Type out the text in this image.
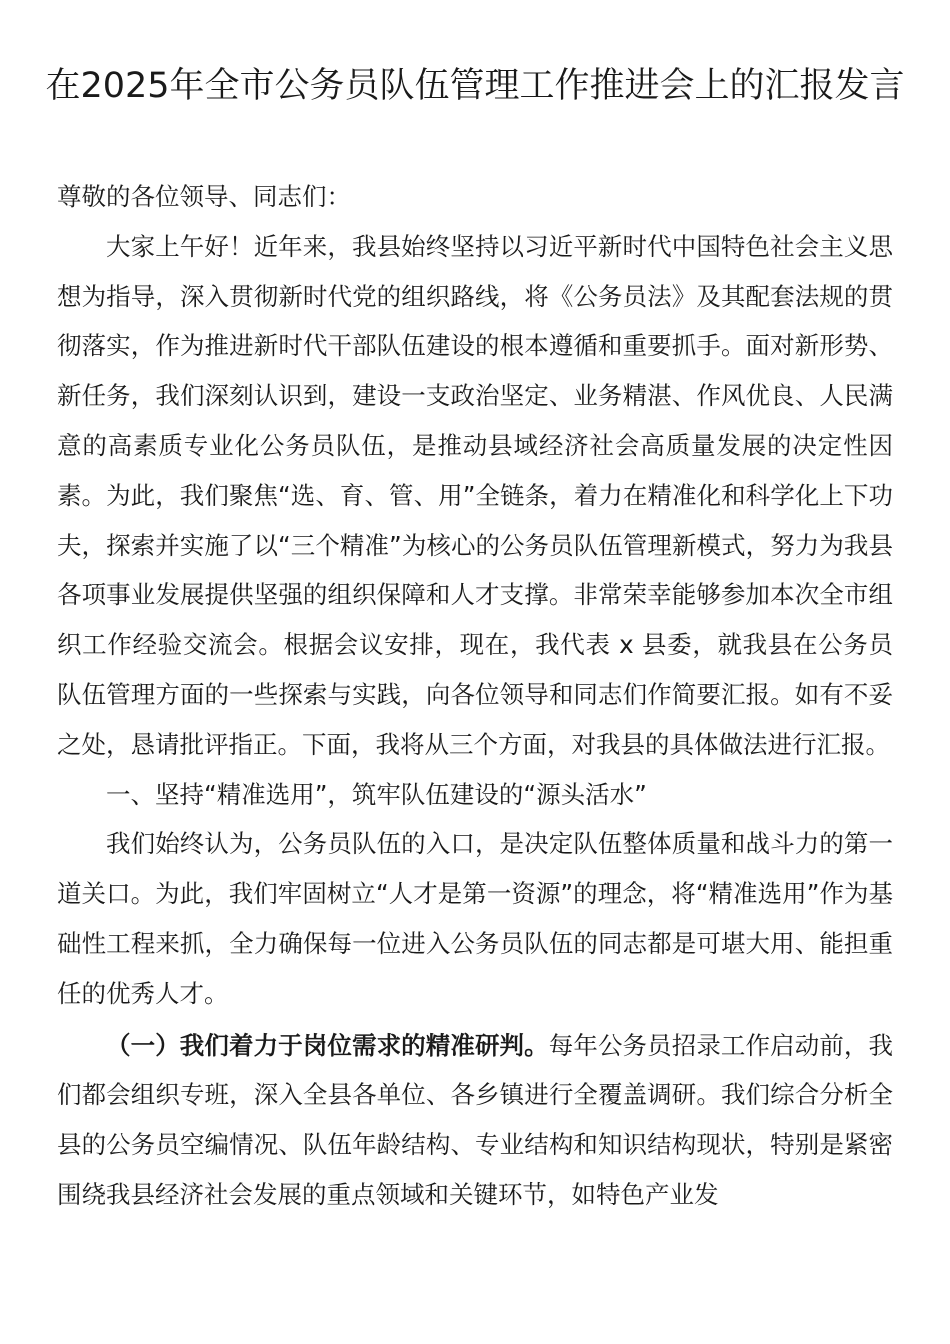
在2025年全市公务员队伍管理工作推进会上的汇报发言

尊敬的各位领导、同志们：

大家上午好！近年来，我县始终坚持以习近平新时代中国特色社会主义思想为指导，深入贯彻新时代党的组织路线，将《公务员法》及其配套法规的贯彻落实，作为推进新时代干部队伍建设的根本遵循和重要抓手。面对新形势、新任务，我们深刻认识到，建设一支政治坚定、业务精湛、作风优良、人民满意的高素质专业化公务员队伍，是推动县域经济社会高质量发展的决定性因素。为此，我们聚焦“选、育、管、用”全链条，着力在精准化和科学化上下功夫，探索并实施了以“三个精准”为核心的公务员队伍管理新模式，努力为我县各项事业发展提供坚强的组织保障和人才支撑。非常荣幸能够参加本次全市组织工作经验交流会。根据会议安排，现在，我代表 x 县委，就我县在公务员队伍管理方面的一些探索与实践，向各位领导和同志们作简要汇报。如有不妥之处，恳请批评指正。下面，我将从三个方面，对我县的具体做法进行汇报。

一、坚持“精准选用”，筑牢队伍建设的“源头活水”

我们始终认为，公务员队伍的入口，是决定队伍整体质量和战斗力的第一道关口。为此，我们牢固树立“人才是第一资源”的理念，将“精准选用”作为基础性工程来抓，全力确保每一位进入公务员队伍的同志都是可堪大用、能担重任的优秀人才。

（一）我们着力于岗位需求的精准研判。每年公务员招录工作启动前，我们都会组织专班，深入全县各单位、各乡镇进行全覆盖调研。我们综合分析全县的公务员空编情况、队伍年龄结构、专业结构和知识结构现状，特别是紧密围绕我县经济社会发展的重点领域和关键环节，如特色产业发
